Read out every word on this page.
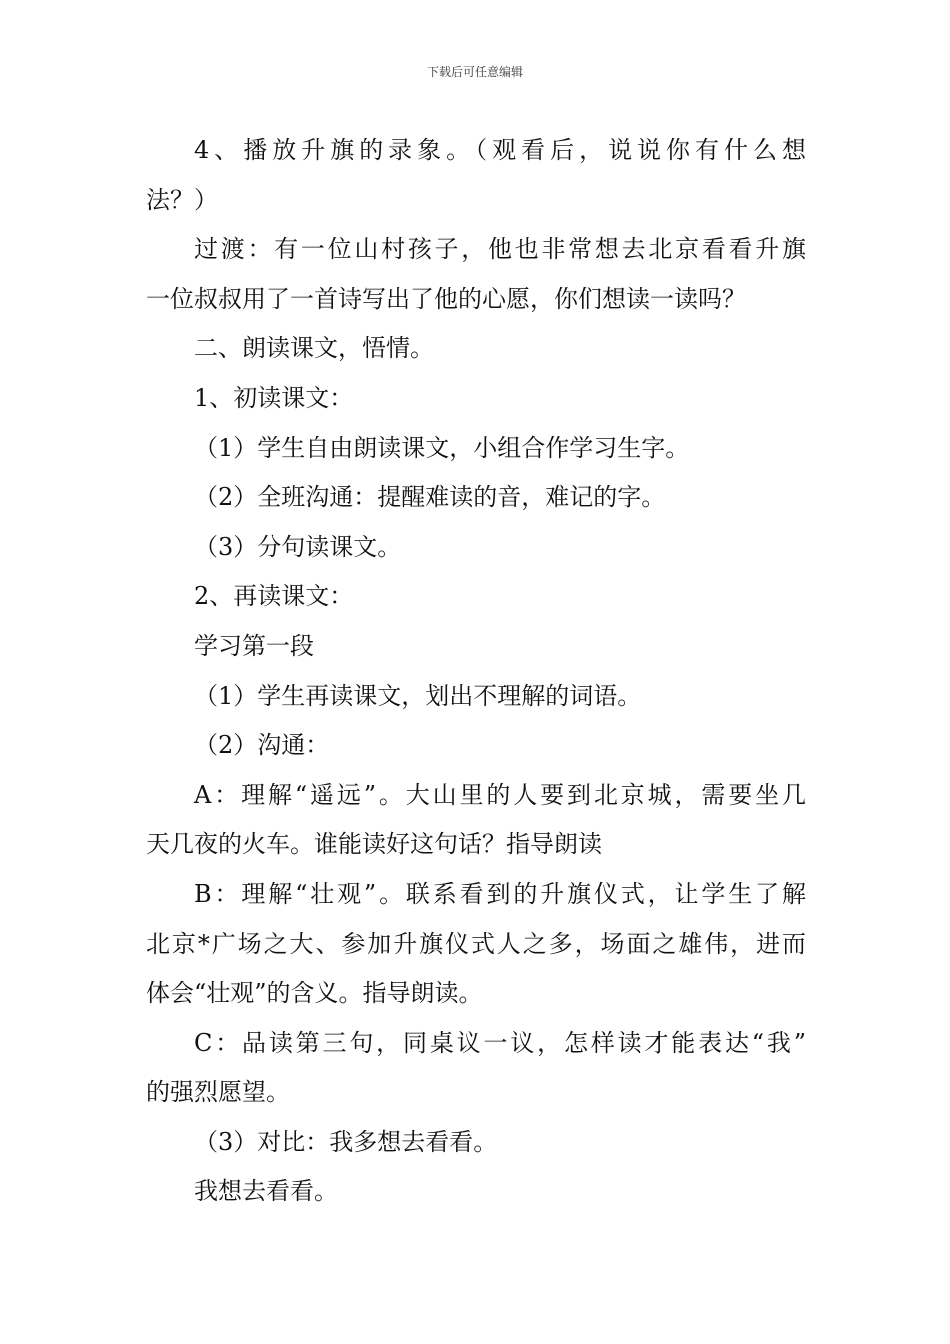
下载后可任意编辑
4、播放升旗的录象。（观看后，说说你有什么想
法？）
过渡：有一位山村孩子，他也非常想去北京看看升旗
一位叔叔用了一首诗写出了他的心愿，你们想读一读吗？
二、朗读课文，悟情。
1、初读课文：
（1）学生自由朗读课文，小组合作学习生字。
（2）全班沟通：提醒难读的音，难记的字。
（3）分句读课文。
2、再读课文：
学习第一段
（1）学生再读课文，划出不理解的词语。
（2）沟通：
A：理解“遥远”。大山里的人要到北京城，需要坐几
天几夜的火车。谁能读好这句话？指导朗读
B：理解“壮观”。联系看到的升旗仪式，让学生了解
北京*广场之大、参加升旗仪式人之多，场面之雄伟，进而
体会“壮观”的含义。指导朗读。
C：品读第三句，同桌议一议，怎样读才能表达“我”
的强烈愿望。
（3）对比：我多想去看看。
我想去看看。
